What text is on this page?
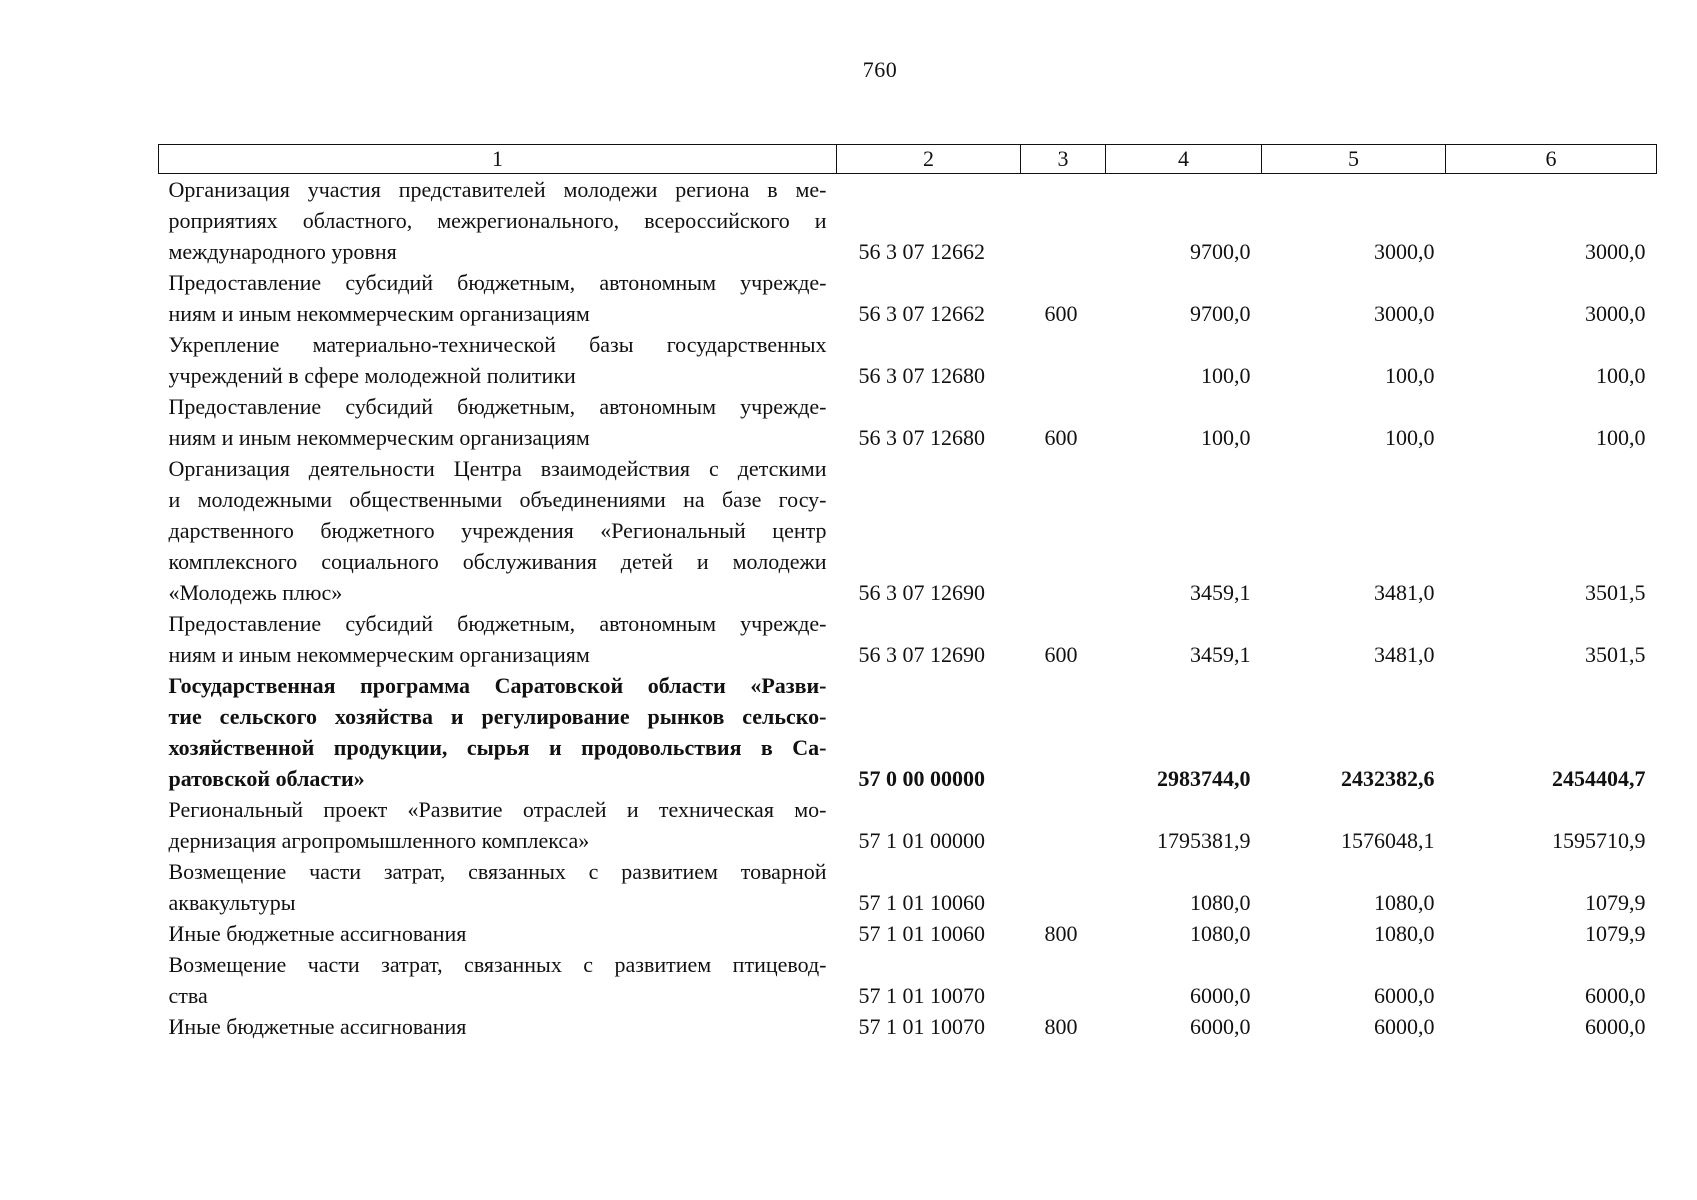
760
1	2	3	4	5	6

Организация участия представителей молодежи региона в ме-
роприятиях областного, межрегионального, всероссийского и
международного уровня	56 3 07 12662		9700,0	3000,0	3000,0

Предоставление субсидий бюджетным, автономным учрежде-
ниям и иным некоммерческим организациям	56 3 07 12662	600	9700,0	3000,0	3000,0

Укрепление материально-технической базы государственных
учреждений в сфере молодежной политики	56 3 07 12680		100,0	100,0	100,0

Предоставление субсидий бюджетным, автономным учрежде-
ниям и иным некоммерческим организациям	56 3 07 12680	600	100,0	100,0	100,0

Организация деятельности Центра взаимодействия с детскими
и молодежными общественными объединениями на базе госу-
дарственного бюджетного учреждения «Региональный центр
комплексного социального обслуживания детей и молодежи
«Молодежь плюс»	56 3 07 12690		3459,1	3481,0	3501,5

Предоставление субсидий бюджетным, автономным учрежде-
ниям и иным некоммерческим организациям	56 3 07 12690	600	3459,1	3481,0	3501,5

Государственная программа Саратовской области «Разви-
тие сельского хозяйства и регулирование рынков сельско-
хозяйственной продукции, сырья и продовольствия в Са-
ратовской области»	57 0 00 00000		2983744,0	2432382,6	2454404,7

Региональный проект «Развитие отраслей и техническая мо-
дернизация агропромышленного комплекса»	57 1 01 00000		1795381,9	1576048,1	1595710,9

Возмещение части затрат, связанных с развитием товарной
аквакультуры	57 1 01 10060		1080,0	1080,0	1079,9

Иные бюджетные ассигнования	57 1 01 10060	800	1080,0	1080,0	1079,9

Возмещение части затрат, связанных с развитием птицевод-
ства	57 1 01 10070		6000,0	6000,0	6000,0

Иные бюджетные ассигнования	57 1 01 10070	800	6000,0	6000,0	6000,0
